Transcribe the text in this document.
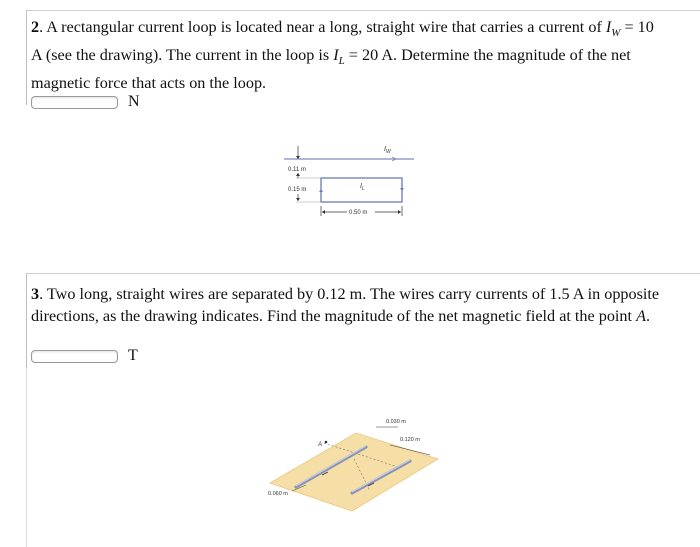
2. A rectangular current loop is located near a long, straight wire that carries a current of $I_W = 10$ A (see the drawing). The current in the loop is $I_L = 20$ A. Determine the magnitude of the net magnetic force that acts on the loop.
N
$I_W$
0.11 m
0.15 m	$I_L$
0.50 m
3. Two long, straight wires are separated by 0.12 m. The wires carry currents of 1.5 A in opposite directions, as the drawing indicates. Find the magnitude of the net magnetic field at the point A.
T
A
0.030 m
0.120 m
0.060 m
